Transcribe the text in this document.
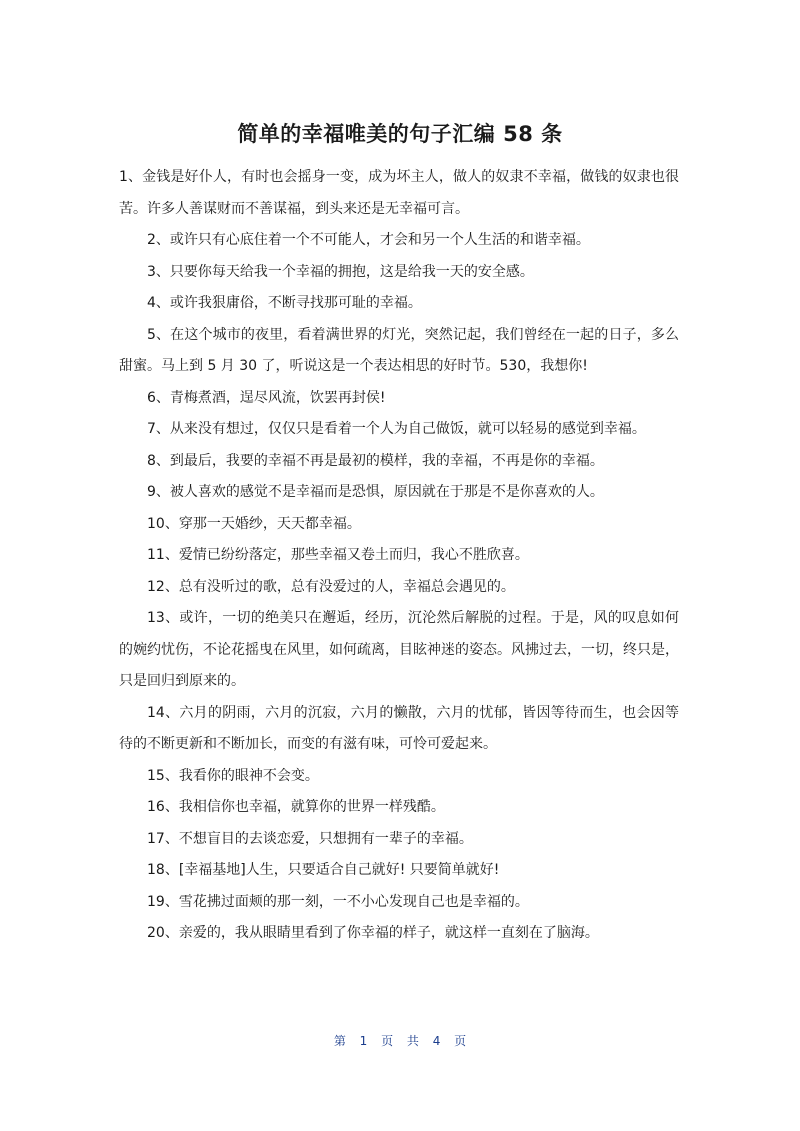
简单的幸福唯美的句子汇编 58 条

1、金钱是好仆人，有时也会摇身一变，成为坏主人，做人的奴隶不幸福，做钱的奴隶也很苦。许多人善谋财而不善谋福，到头来还是无幸福可言。

2、或许只有心底住着一个不可能人，才会和另一个人生活的和谐幸福。

3、只要你每天给我一个幸福的拥抱，这是给我一天的安全感。

4、或许我狠庸俗，不断寻找那可耻的幸福。

5、在这个城市的夜里，看着满世界的灯光，突然记起，我们曾经在一起的日子，多么甜蜜。马上到 5 月 30 了，听说这是一个表达相思的好时节。530，我想你!

6、青梅煮酒，逞尽风流，饮罢再封侯!

7、从来没有想过，仅仅只是看着一个人为自己做饭，就可以轻易的感觉到幸福。

8、到最后，我要的幸福不再是最初的模样，我的幸福，不再是你的幸福。

9、被人喜欢的感觉不是幸福而是恐惧，原因就在于那是不是你喜欢的人。

10、穿那一天婚纱，天天都幸福。

11、爱情已纷纷落定，那些幸福又卷土而归，我心不胜欣喜。

12、总有没听过的歌，总有没爱过的人，幸福总会遇见的。

13、或许，一切的绝美只在邂逅，经历，沉沦然后解脱的过程。于是，风的叹息如何的婉约忧伤，不论花摇曳在风里，如何疏离，目眩神迷的姿态。风拂过去，一切，终只是，只是回归到原来的。

14、六月的阴雨，六月的沉寂，六月的懒散，六月的忧郁，皆因等待而生，也会因等待的不断更新和不断加长，而变的有滋有味，可怜可爱起来。

15、我看你的眼神不会变。

16、我相信你也幸福，就算你的世界一样残酷。

17、不想盲目的去谈恋爱，只想拥有一辈子的幸福。

18、[幸福基地]人生，只要适合自己就好! 只要简单就好!

19、雪花拂过面颊的那一刻，一不小心发现自己也是幸福的。

20、亲爱的，我从眼睛里看到了你幸福的样子，就这样一直刻在了脑海。

第 1 页 共 4 页
